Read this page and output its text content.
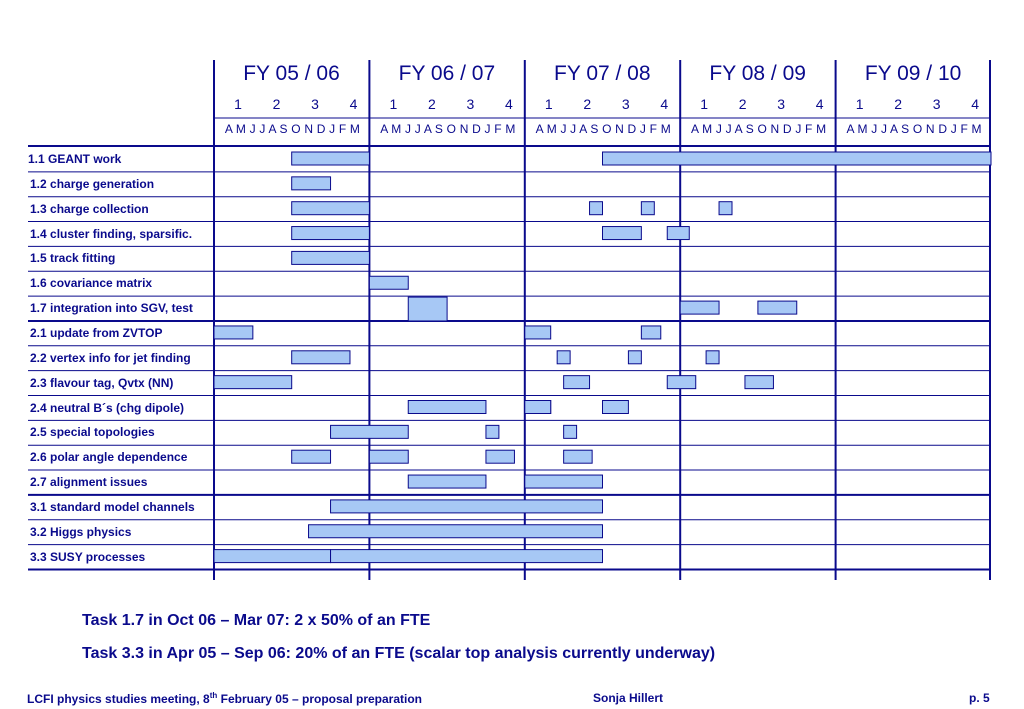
FY 05 / 06
1	2	3	4
A M J J A S O N D J F M
FY 06 / 07
1	2	3	4
A M J J A S O N D J F M
FY 07 / 08
1	2	3	4
A M J J A S O N D J F M
FY 08 / 09
1	2	3	4
A M J J A S O N D J F M
FY 09 / 10
1	2	3	4
A M J J A S O N D J F M
1.1 GEANT work
1.2 charge generation
1.3 charge collection
1.4 cluster finding, sparsific.
1.5 track fitting
1.6 covariance matrix
1.7 integration into SGV, test
2.1 update from ZVTOP
2.2 vertex info for jet finding
2.3 flavour tag, Qvtx (NN)
2.4 neutral B´s (chg dipole)
2.5 special topologies
2.6 polar angle dependence
2.7 alignment issues
3.1 standard model channels
3.2 Higgs physics
3.3 SUSY processes
Task 1.7 in Oct 06 – Mar 07: 2 x 50% of an FTE
Task 3.3 in Apr 05 – Sep 06: 20% of an FTE (scalar top analysis currently underway)
LCFI physics studies meeting, 8th February 05 – proposal preparation	Sonja Hillert	p. 5
